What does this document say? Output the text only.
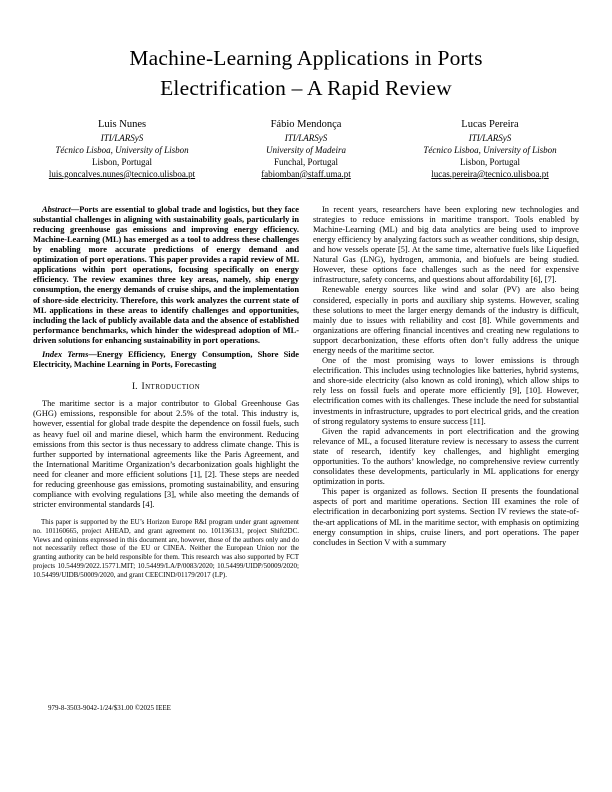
Machine-Learning Applications in Ports
Electrification – A Rapid Review
Luis Nunes
ITI/LARSyS
Técnico Lisboa, University of Lisbon
Lisbon, Portugal
luis.goncalves.nunes@tecnico.ulisboa.pt
Fábio Mendonça
ITI/LARSyS
University of Madeira
Funchal, Portugal
fabiomban@staff.uma.pt
Lucas Pereira
ITI/LARSyS
Técnico Lisboa, University of Lisbon
Lisbon, Portugal
lucas.pereira@tecnico.ulisboa.pt

Abstract—Ports are essential to global trade and logistics, but they face substantial challenges in aligning with sustainability goals, particularly in reducing greenhouse gas emissions and improving energy efficiency. Machine-Learning (ML) has emerged as a tool to address these challenges by enabling more accurate predictions of energy demand and optimization of port operations. This paper provides a rapid review of ML applications within port operations, focusing specifically on energy efficiency. The review examines three key areas, namely, ship energy consumption, the energy demands of cruise ships, and the implementation of shore-side electricity. Therefore, this work analyzes the current state of ML applications in these areas to identify challenges and opportunities, including the lack of publicly available data and the absence of established performance benchmarks, which hinder the widespread adoption of ML-driven solutions for enhancing sustainability in port operations.

Index Terms—Energy Efficiency, Energy Consumption, Shore Side Electricity, Machine Learning in Ports, Forecasting

I. Introduction

The maritime sector is a major contributor to Global Greenhouse Gas (GHG) emissions, responsible for about 2.5% of the total. This industry is, however, essential for global trade despite the dependence on fossil fuels, such as heavy fuel oil and marine diesel, which harm the environment. Reducing emissions from this sector is thus necessary to address climate change. This is further supported by international agreements like the Paris Agreement, and the International Maritime Organization’s decarbonization goals highlight the need for cleaner and more efficient solutions [1], [2]. These steps are needed for reducing greenhouse gas emissions, promoting sustainability, and ensuring compliance with evolving regulations [3], while also meeting the demands of stricter environmental standards [4].

This paper is supported by the EU’s Horizon Europe R&I program under grant agreement no. 101160665, project AHEAD, and grant agreement no. 101136131, project Shift2DC. Views and opinions expressed in this document are, however, those of the authors only and do not necessarily reflect those of the EU or CINEA. Neither the European Union nor the granting authority can be held responsible for them. This research was also supported by FCT projects 10.54499/2022.15771.MIT; 10.54499/LA/P/0083/2020; 10.54499/UIDP/50009/2020; 10.54499/UIDB/50009/2020, and grant CEECIND/01179/2017 (LP).

In recent years, researchers have been exploring new technologies and strategies to reduce emissions in maritime transport. Tools enabled by Machine-Learning (ML) and big data analytics are being used to improve energy efficiency by analyzing factors such as weather conditions, ship design, and how vessels operate [5]. At the same time, alternative fuels like Liquefied Natural Gas (LNG), hydrogen, ammonia, and biofuels are being studied. However, these options face challenges such as the need for expensive infrastructure, safety concerns, and questions about affordability [6], [7].

Renewable energy sources like wind and solar (PV) are also being considered, especially in ports and auxiliary ship systems. However, scaling these solutions to meet the larger energy demands of the industry is difficult, mainly due to issues with reliability and cost [8]. While governments and organizations are offering financial incentives and creating new regulations to support decarbonization, these efforts often don’t fully address the unique energy needs of the maritime sector.

One of the most promising ways to lower emissions is through electrification. This includes using technologies like batteries, hybrid systems, and shore-side electricity (also known as cold ironing), which allow ships to rely less on fossil fuels and operate more efficiently [9], [10]. However, electrification comes with its challenges. These include the need for substantial investments in infrastructure, upgrades to port electrical grids, and the creation of strong regulatory systems to ensure success [11].

Given the rapid advancements in port electrification and the growing relevance of ML, a focused literature review is necessary to assess the current state of research, identify key challenges, and highlight emerging opportunities. To the authors’ knowledge, no comprehensive review currently consolidates these developments, particularly in ML applications for energy optimization in ports.

This paper is organized as follows. Section II presents the foundational aspects of port and maritime operations. Section III examines the role of electrification in decarbonizing port systems. Section IV reviews the state-of-the-art applications of ML in the maritime sector, with emphasis on optimizing energy consumption in ships, cruise liners, and port operations. The paper concludes in Section V with a summary

979-8-3503-9042-1/24/$31.00 ©2025 IEEE
